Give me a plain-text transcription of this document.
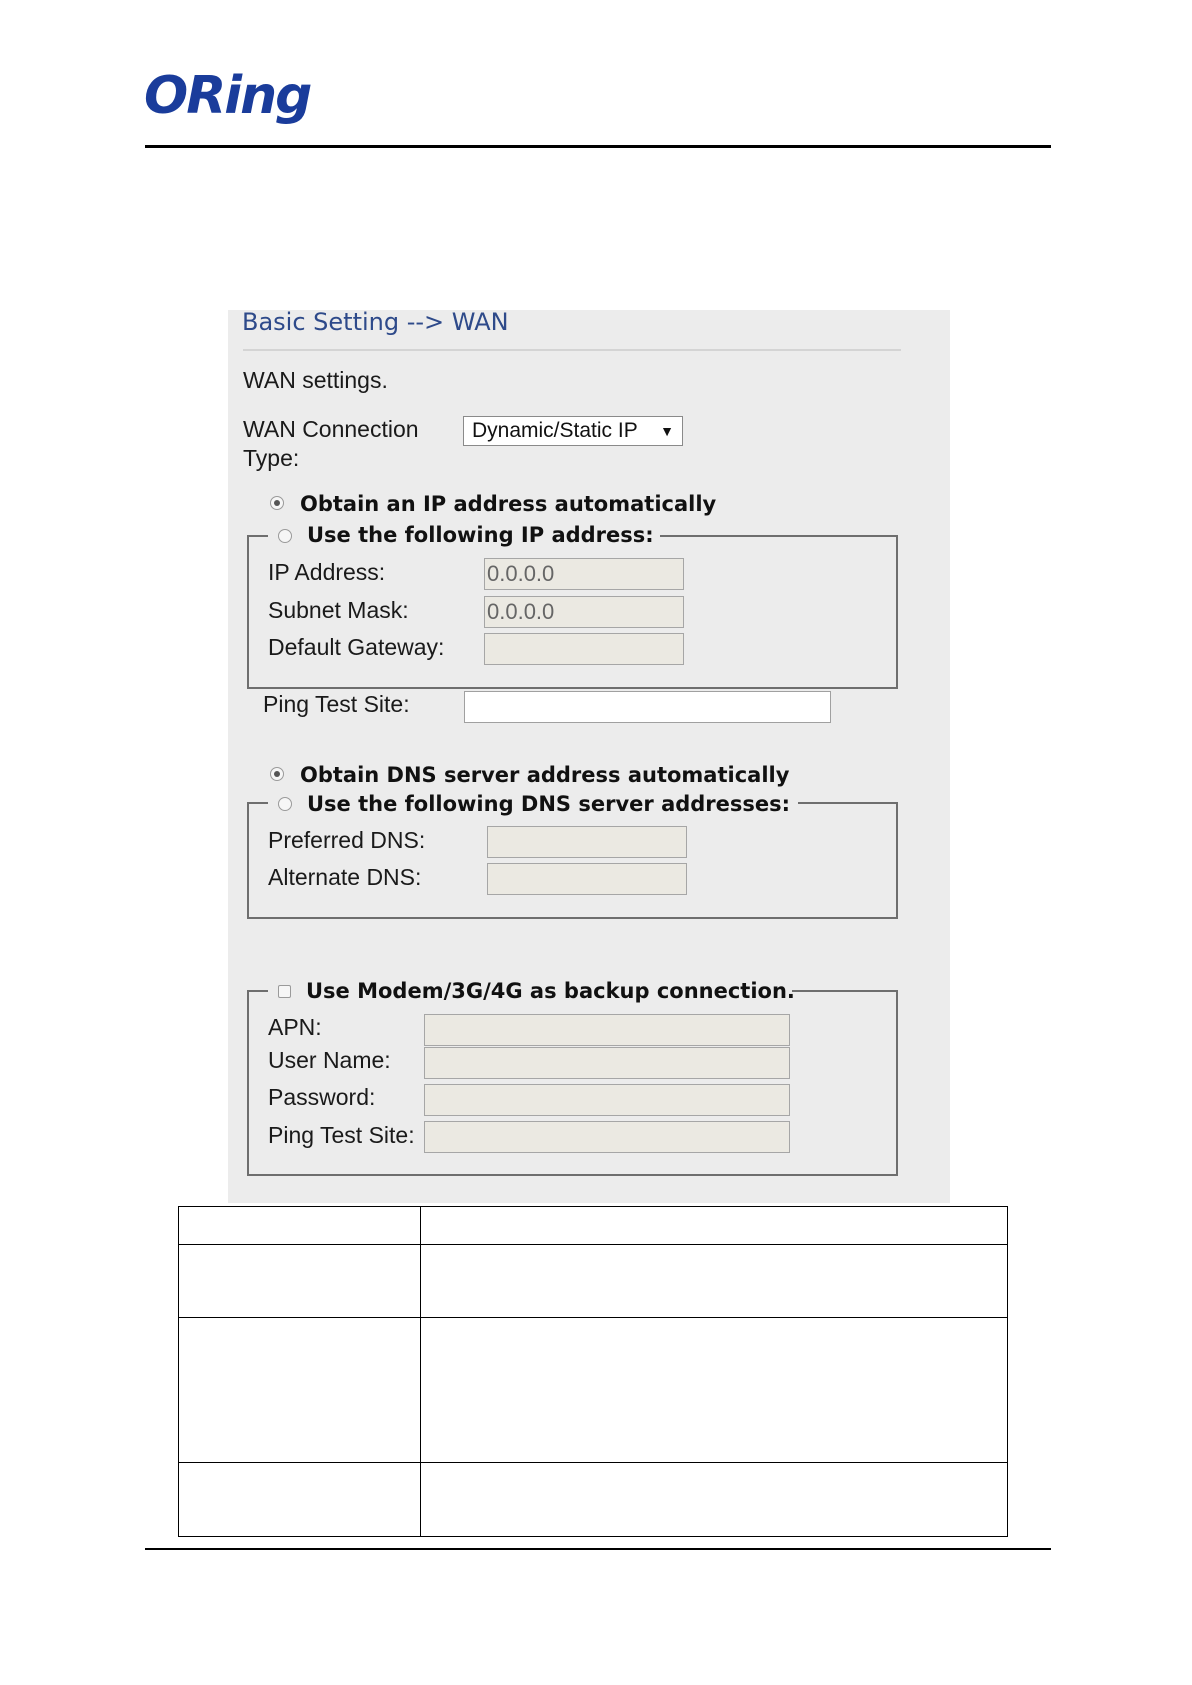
ORing
Basic Setting --> WAN
WAN settings.
WAN Connection
Type:
Dynamic/Static IP ▼
Obtain an IP address automatically
Use the following IP address:
IP Address:	0.0.0.0
Subnet Mask:	0.0.0.0
Default Gateway:
Ping Test Site:
Obtain DNS server address automatically
Use the following DNS server addresses:
Preferred DNS:
Alternate DNS:
Use Modem/3G/4G as backup connection.
APN:
User Name:
Password:
Ping Test Site:
